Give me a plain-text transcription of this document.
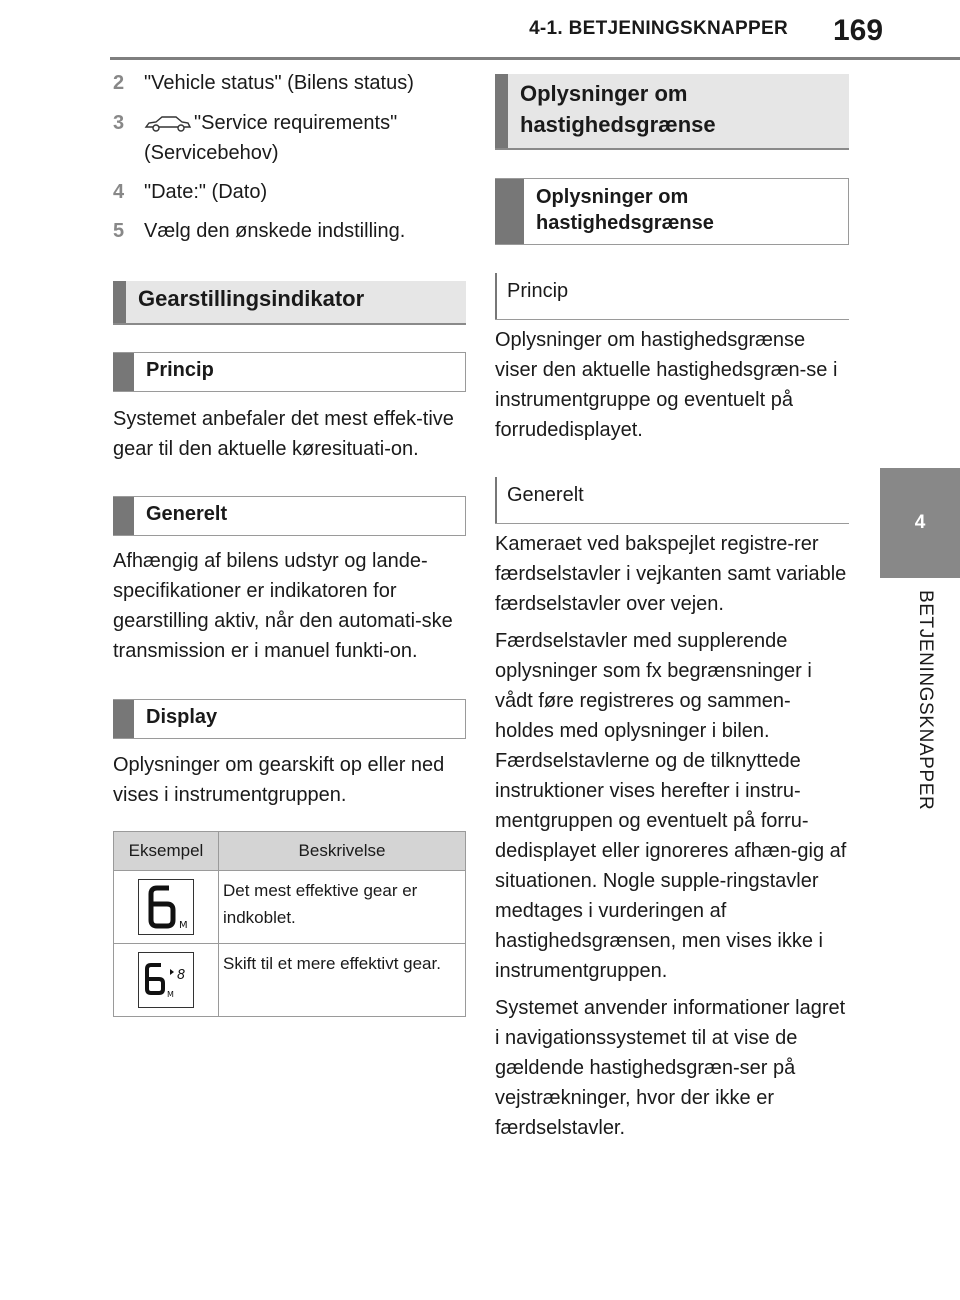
4-1. BETJENINGSKNAPPER 169
4
BETJENINGSKNAPPER
2 "Vehicle status" (Bilens status)
3	"Service requirements" (Servicebehov)
4 "Date:" (Dato)
5 Vælg den ønskede indstilling.
Gearstillingsindikator
Princip

Systemet anbefaler det mest effek-tive gear til den aktuelle køresituati-on.

Generelt

Afhængig af bilens udstyr og lande-specifikationer er indikatoren for gearstilling aktiv, når den automati-ske transmission er i manuel funkti-on.

Display

Oplysninger om gearskift op eller ned vises i instrumentgruppen.

Eksempel	Beskrivelse

M	Det mest effektive gear er indkoblet.

M
8	Skift til et mere effektivt gear.
Oplysninger om hastighedsgrænse
Oplysninger om hastighedsgrænse
Princip

Oplysninger om hastighedsgrænse viser den aktuelle hastighedsgræn-se i instrumentgruppe og eventuelt på forrudedisplayet.

Generelt

Kameraet ved bakspejlet registre-rer færdselstavler i vejkanten samt variable færdselstavler over vejen.

Færdselstavler med supplerende oplysninger som fx begrænsninger i vådt føre registreres og sammen-holdes med oplysninger i bilen. Færdselstavlerne og de tilknyttede instruktioner vises herefter i instru-mentgruppen og eventuelt på forru-dedisplayet eller ignoreres afhæn-gig af situationen. Nogle supple-ringstavler medtages i vurderingen af hastighedsgrænsen, men vises ikke i instrumentgruppen.

Systemet anvender informationer lagret i navigationssystemet til at vise de gældende hastighedsgræn-ser på vejstrækninger, hvor der ikke er færdselstavler.
